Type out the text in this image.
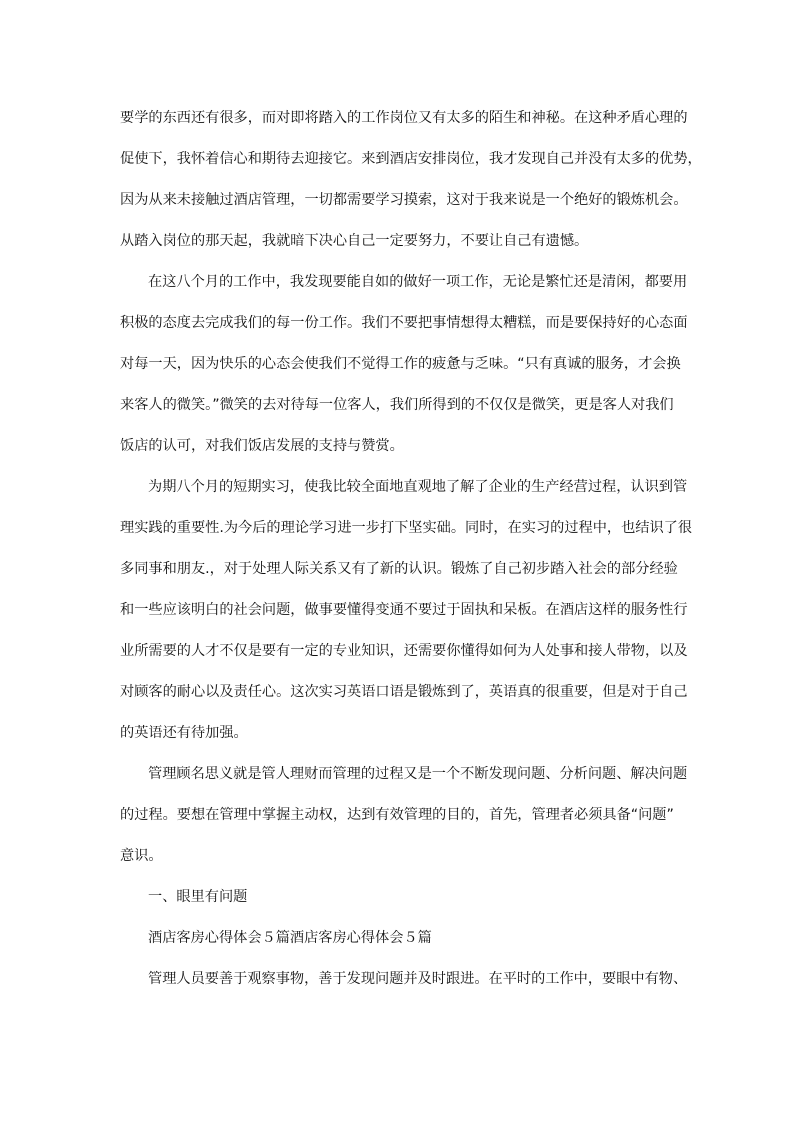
要学的东西还有很多，而对即将踏入的工作岗位又有太多的陌生和神秘。在这种矛盾心理的
促使下，我怀着信心和期待去迎接它。来到酒店安排岗位，我才发现自己并没有太多的优势，
因为从来未接触过酒店管理，一切都需要学习摸索，这对于我来说是一个绝好的锻炼机会。
从踏入岗位的那天起，我就暗下决心自己一定要努力，不要让自己有遗憾。
在这八个月的工作中，我发现要能自如的做好一项工作，无论是繁忙还是清闲，都要用
积极的态度去完成我们的每一份工作。我们不要把事情想得太糟糕，而是要保持好的心态面
对每一天，因为快乐的心态会使我们不觉得工作的疲惫与乏味。“只有真诚的服务，才会换
来客人的微笑。”微笑的去对待每一位客人，我们所得到的不仅仅是微笑，更是客人对我们
饭店的认可，对我们饭店发展的支持与赞赏。
为期八个月的短期实习，使我比较全面地直观地了解了企业的生产经营过程，认识到管
理实践的重要性.为今后的理论学习进一步打下坚实础。同时，在实习的过程中，也结识了很
多同事和朋友.，对于处理人际关系又有了新的认识。锻炼了自己初步踏入社会的部分经验
和一些应该明白的社会问题，做事要懂得变通不要过于固执和呆板。在酒店这样的服务性行
业所需要的人才不仅是要有一定的专业知识，还需要你懂得如何为人处事和接人带物，以及
对顾客的耐心以及责任心。这次实习英语口语是锻炼到了，英语真的很重要，但是对于自己
的英语还有待加强。
管理顾名思义就是管人理财而管理的过程又是一个不断发现问题、分析问题、解决问题
的过程。要想在管理中掌握主动权，达到有效管理的目的，首先，管理者必须具备“问题”
意识。
一、眼里有问题
酒店客房心得体会５篇酒店客房心得体会５篇
管理人员要善于观察事物，善于发现问题并及时跟进。在平时的工作中，要眼中有物、
